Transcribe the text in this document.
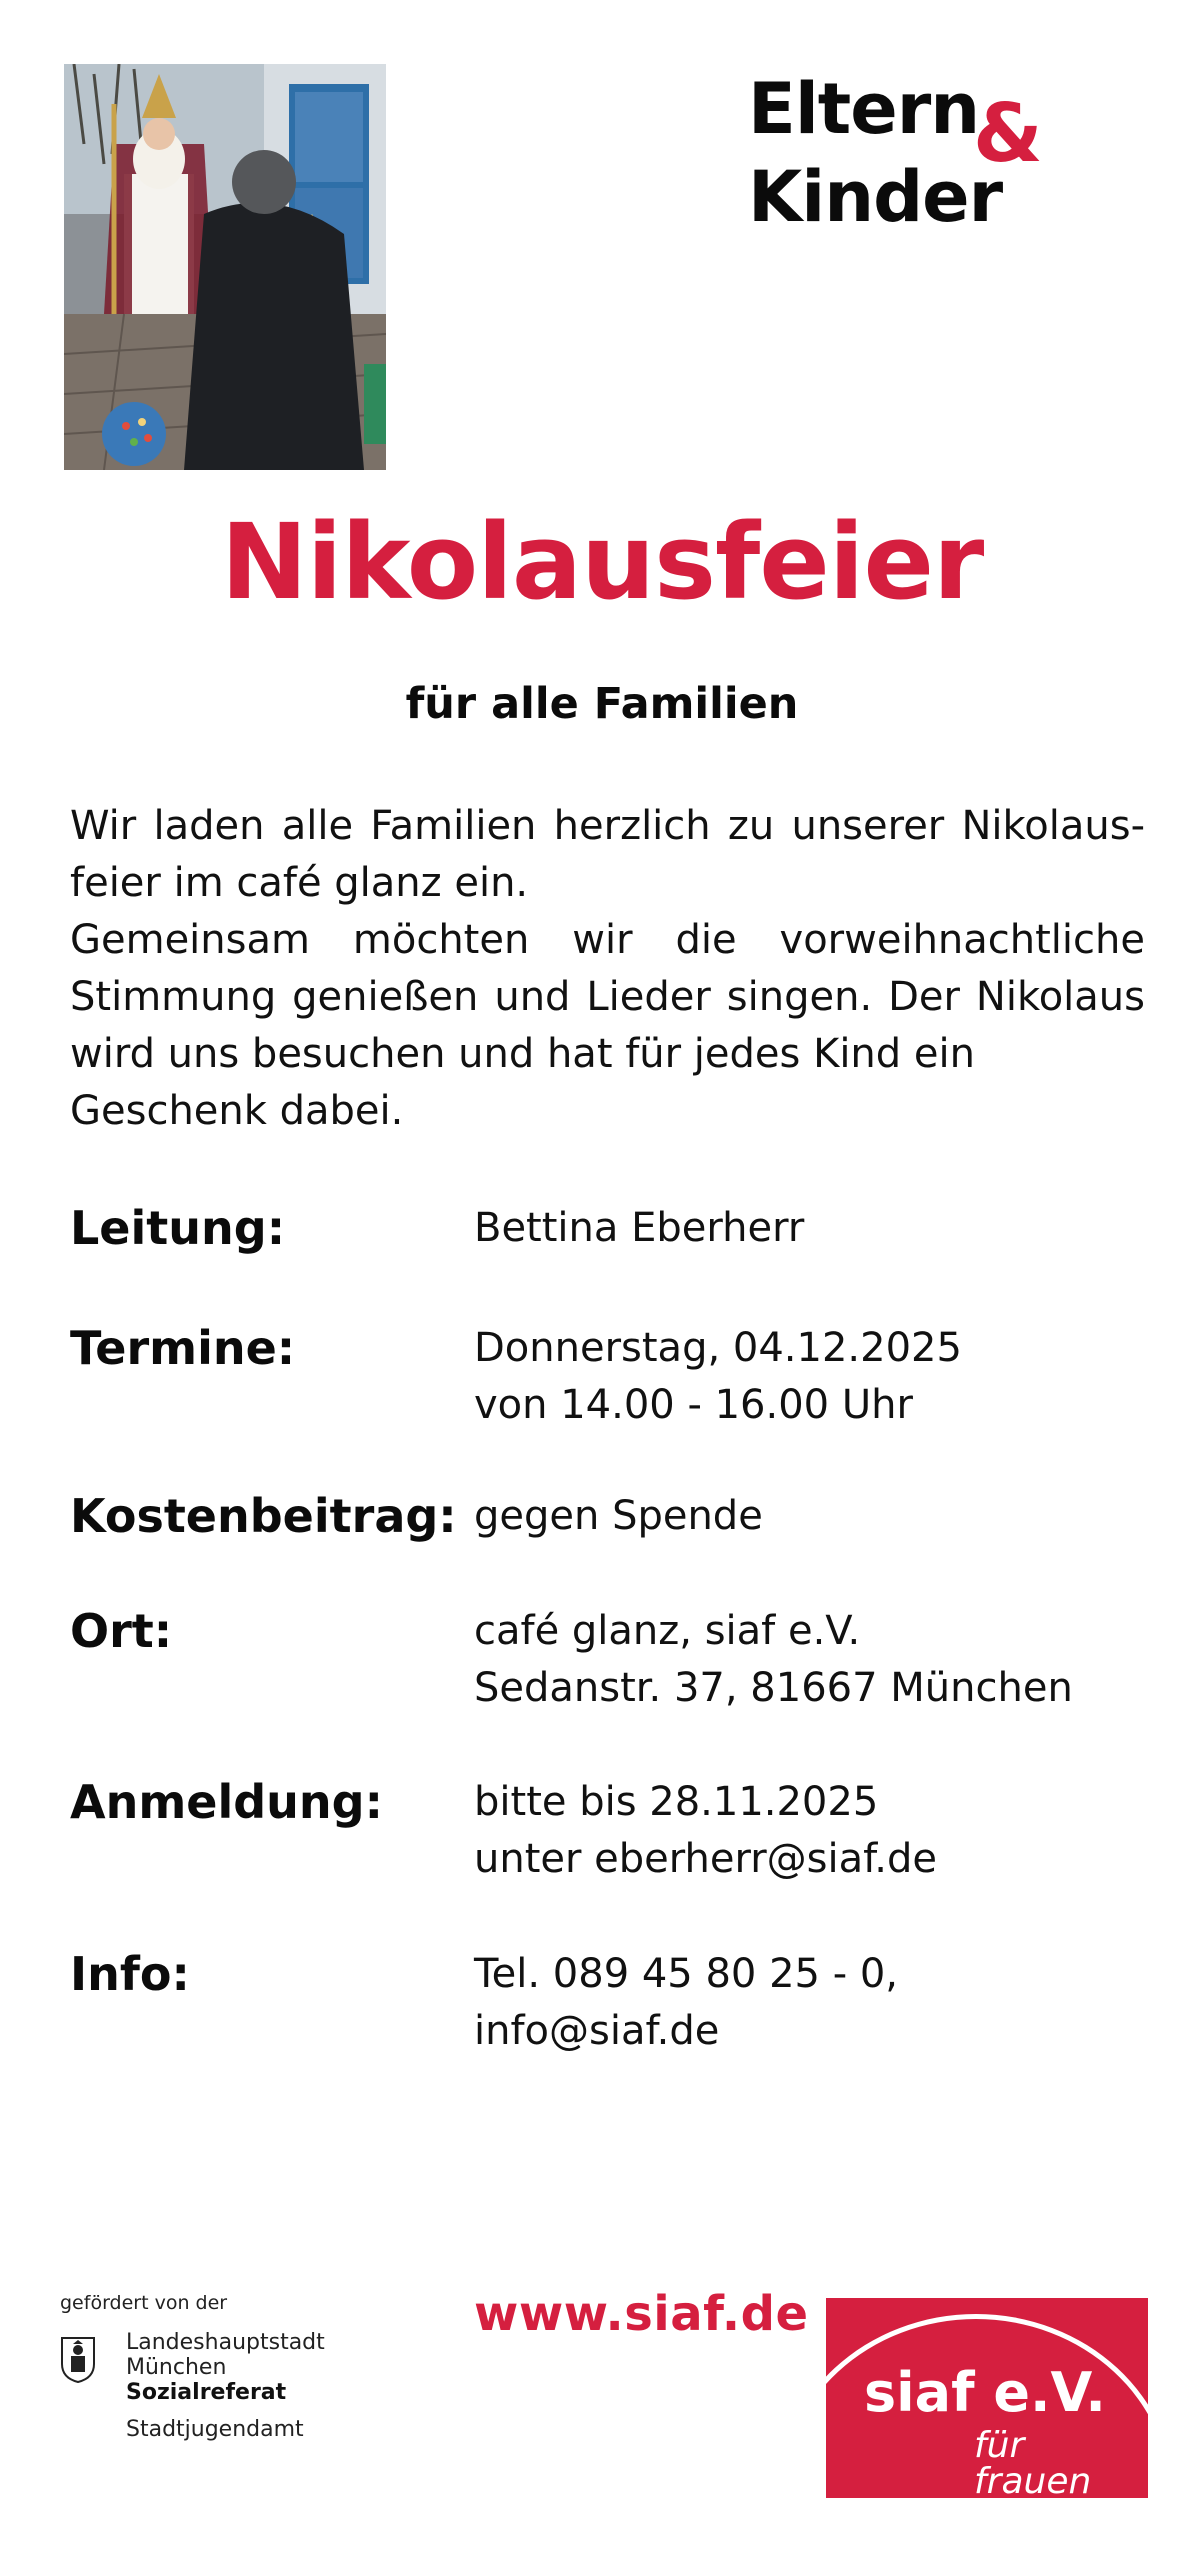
Eltern
&
Kinder
Nikolausfeier
für alle Familien

Wir laden alle Familien herzlich zu unserer Nikolaus-

feier im café glanz ein.

Gemeinsam möchten wir die vorweihnachtliche

Stimmung genießen und Lieder singen. Der Nikolaus

wird uns besuchen und hat für jedes Kind ein

Geschenk dabei.

Leitung:	Bettina Eberherr
Termine:	Donnerstag, 04.12.2025
von 14.00 - 16.00 Uhr
Kostenbeitrag: gegen Spende
Ort:	café glanz, siaf e.V.
Sedanstr. 37, 81667 München
Anmeldung: bitte bis 28.11.2025
unter eberherr@siaf.de
Info:	Tel. 089 45 80 25 - 0,
info@siaf.de
gefördert von der
Landeshauptstadt
München
Sozialreferat
Stadtjugendamt
www.siaf.de
siaf e.V.
für frauen
